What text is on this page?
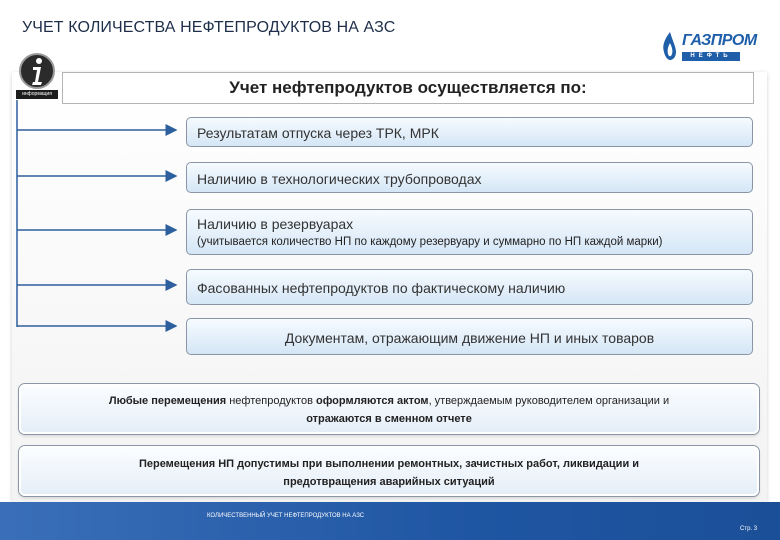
УЧЕТ КОЛИЧЕСТВА НЕФТЕПРОДУКТОВ НА АЗС
ГАЗПРОМ
НЕФТЬ
информация	Учет нефтепродуктов осуществляется по:
Результатам отпуска через ТРК, МРК
Наличию в технологических трубопроводах
Наличию в резервуарах
(учитывается количество НП по каждому резервуару и суммарно по НП каждой марки)
Фасованных нефтепродуктов по фактическому наличию
Документам, отражающим движение НП и иных товаров
Любые перемещения нефтепродуктов оформляются актом, утверждаемым руководителем организации и
отражаются в сменном отчете
Перемещения НП допустимы при выполнении ремонтных, зачистных работ, ликвидации и
предотвращения аварийных ситуаций
КОЛИЧЕСТВЕННЫЙ УЧЕТ НЕФТЕПРОДУКТОВ НА АЗС
Стр. 3
